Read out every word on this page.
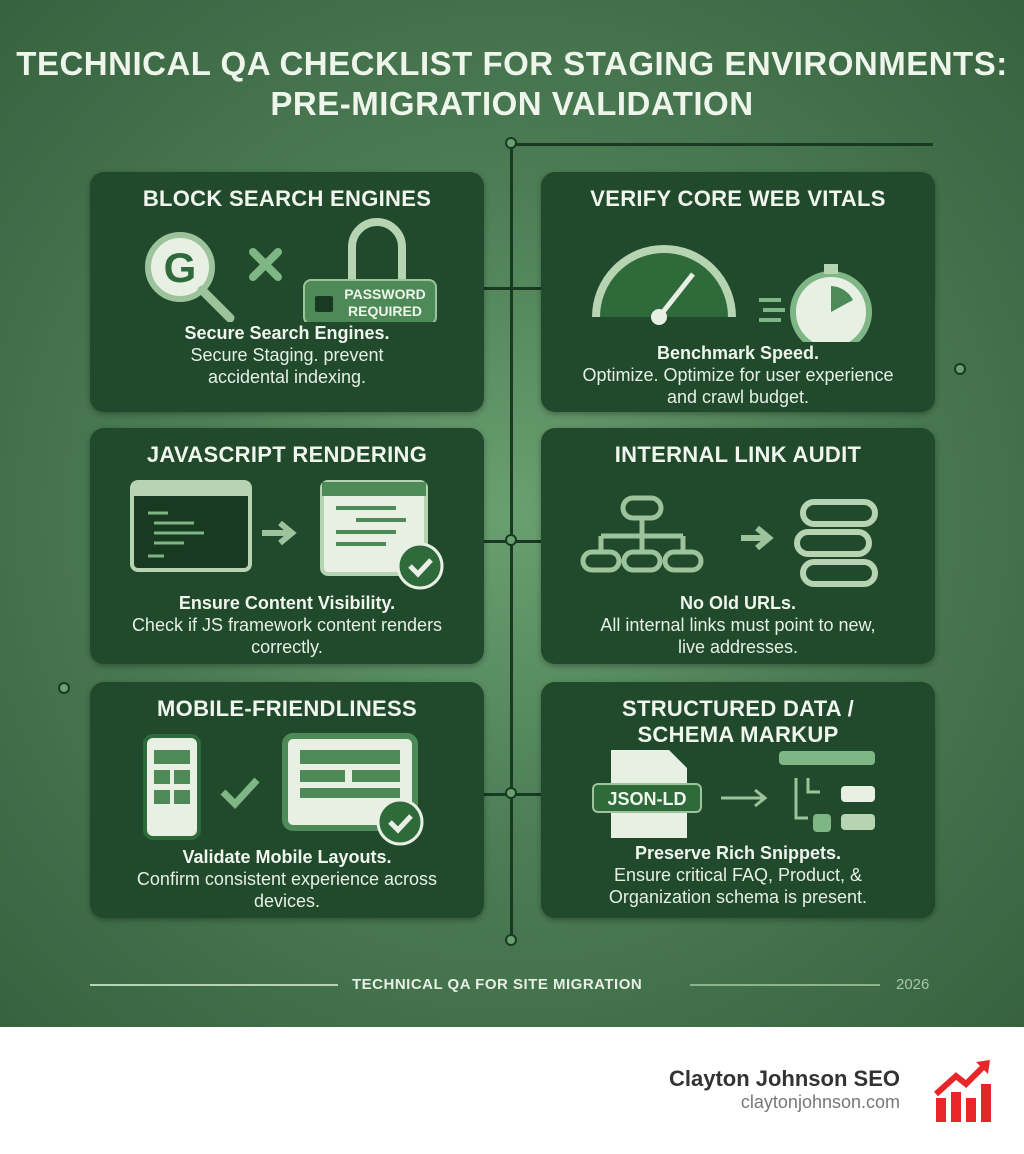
TECHNICAL QA CHECKLIST FOR STAGING ENVIRONMENTS: PRE-MIGRATION VALIDATION
BLOCK SEARCH ENGINES
G
PASSWORD
REQUIRED
Secure Search Engines.
Secure Staging. prevent accidental indexing.
VERIFY CORE WEB VITALS
Benchmark Speed.
Optimize. Optimize for user experience and crawl budget.
JAVASCRIPT RENDERING
Ensure Content Visibility.
Check if JS framework content renders correctly.
INTERNAL LINK AUDIT
No Old URLs.
All internal links must point to new, live addresses.
MOBILE-FRIENDLINESS
Validate Mobile Layouts.
Confirm consistent experience across devices.
STRUCTURED DATA / SCHEMA MARKUP
JSON-LD
Preserve Rich Snippets.
Ensure critical FAQ, Product, & Organization schema is present.
TECHNICAL QA FOR SITE MIGRATION	2026
Clayton Johnson SEO
claytonjohnson.com
